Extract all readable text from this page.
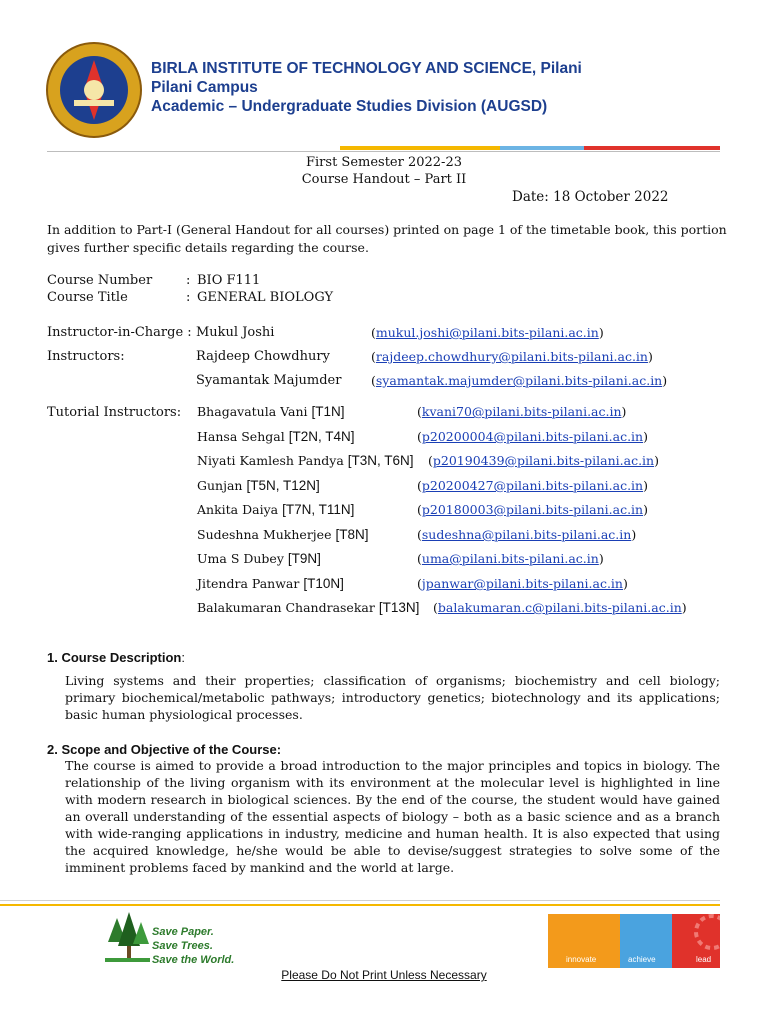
BIRLA INSTITUTE OF TECHNOLOGY AND SCIENCE, Pilani
Pilani Campus
Academic – Undergraduate Studies Division (AUGSD)
First Semester 2022-23
Course Handout – Part II
Date: 18 October 2022
In addition to Part-I (General Handout for all courses) printed on page 1 of the timetable book, this portion gives further specific details regarding the course.
Course Number	: BIO F111
Course Title	: GENERAL BIOLOGY
Instructor-in-Charge : Mukul Joshi	(mukul.joshi@pilani.bits-pilani.ac.in)
Instructors:	Rajdeep Chowdhury	(rajdeep.chowdhury@pilani.bits-pilani.ac.in)
Syamantak Majumder (syamantak.majumder@pilani.bits-pilani.ac.in)
Tutorial Instructors: Bhagavatula Vani [T1N]	(kvani70@pilani.bits-pilani.ac.in)
Hansa Sehgal [T2N, T4N]	(p20200004@pilani.bits-pilani.ac.in)
Niyati Kamlesh Pandya [T3N, T6N] (p20190439@pilani.bits-pilani.ac.in)
Gunjan [T5N, T12N]	(p20200427@pilani.bits-pilani.ac.in)
Ankita Daiya [T7N, T11N]	(p20180003@pilani.bits-pilani.ac.in)
Sudeshna Mukherjee [T8N]	(sudeshna@pilani.bits-pilani.ac.in)
Uma S Dubey [T9N]	(uma@pilani.bits-pilani.ac.in)
Jitendra Panwar [T10N]	(jpanwar@pilani.bits-pilani.ac.in)
Balakumaran Chandrasekar [T13N] (balakumaran.c@pilani.bits-pilani.ac.in)
1. Course Description:
Living systems and their properties; classification of organisms; biochemistry and cell biology; primary biochemical/metabolic pathways; introductory genetics; biotechnology and its applications; basic human physiological processes.
2. Scope and Objective of the Course:
The course is aimed to provide a broad introduction to the major principles and topics in biology. The relationship of the living organism with its environment at the molecular level is highlighted in line with modern research in biological sciences. By the end of the course, the student would have gained an overall understanding of the essential aspects of biology – both as a basic science and as a branch with wide-ranging applications in industry, medicine and human health. It is also expected that using the acquired knowledge, he/she would be able to devise/suggest strategies to solve some of the imminent problems faced by mankind and the world at large.
Save Paper.
Save Trees.
Save the World.	innovate	achieve	lead
Please Do Not Print Unless Necessary
